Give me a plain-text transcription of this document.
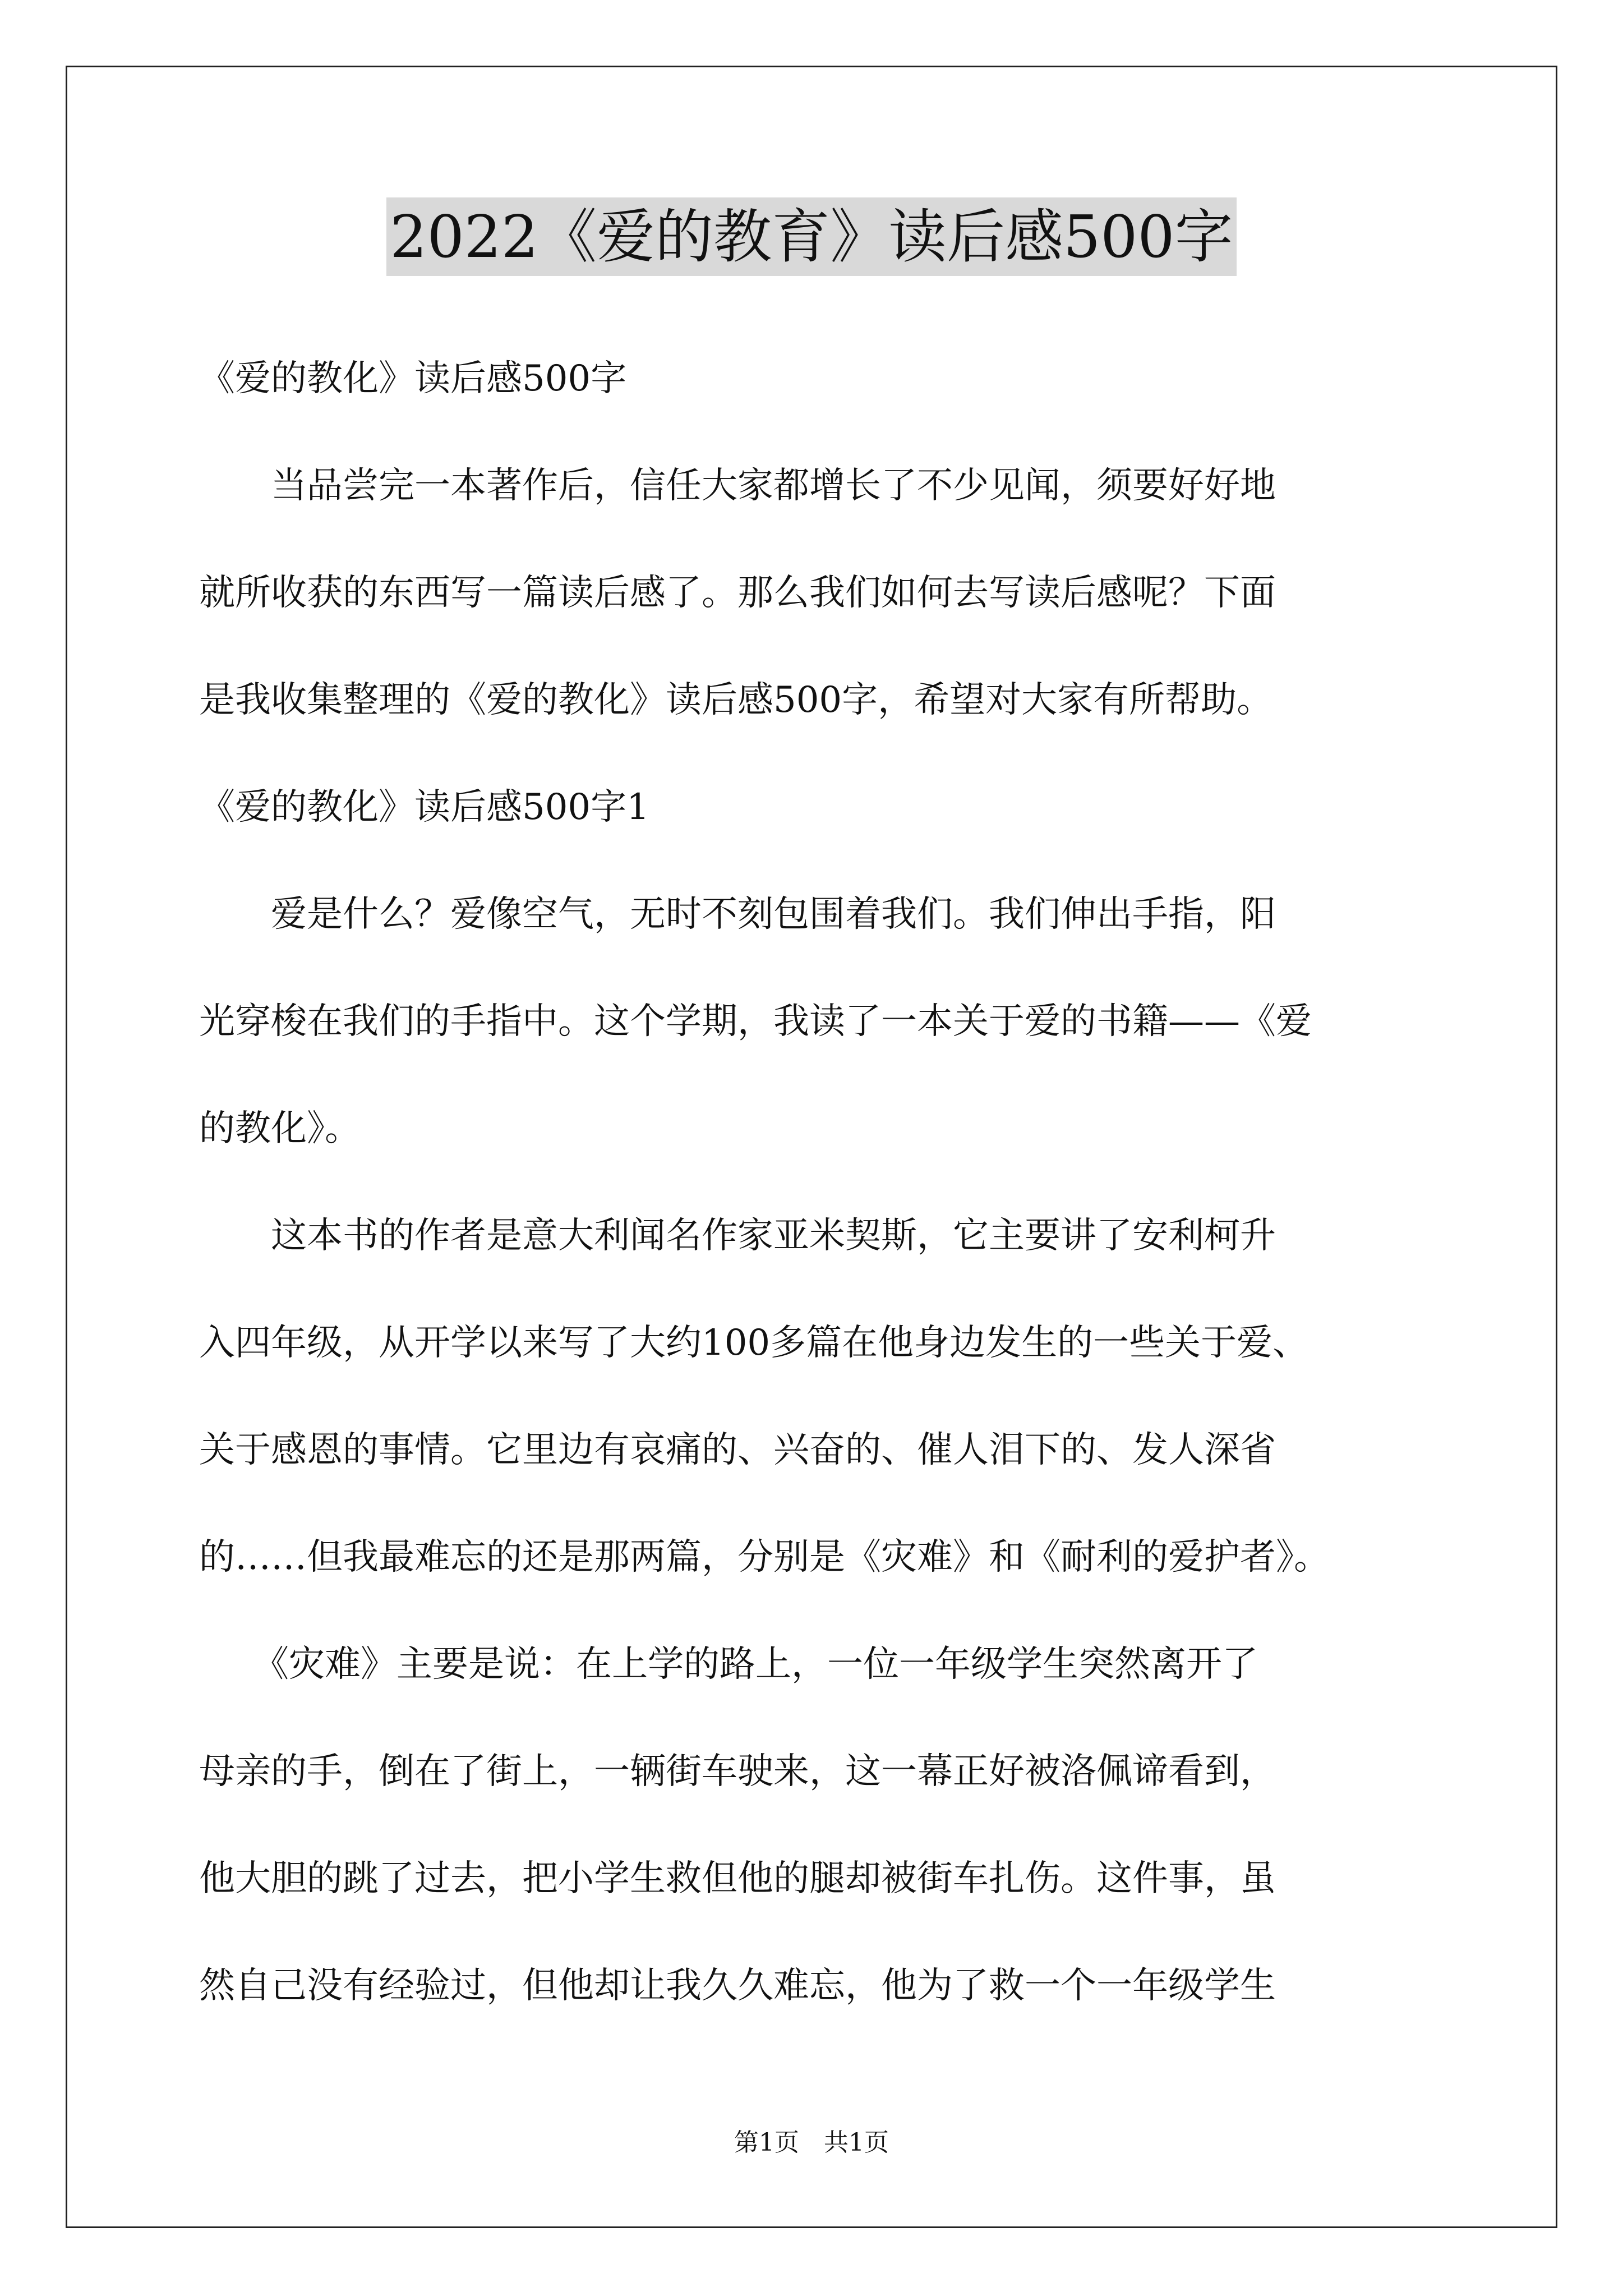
2022《爱的教育》读后感500字

《爱的教化》读后感500字

　　当品尝完一本著作后，信任大家都增长了不少见闻，须要好好地

就所收获的东西写一篇读后感了。那么我们如何去写读后感呢？下面

是我收集整理的《爱的教化》读后感500字，希望对大家有所帮助。

《爱的教化》读后感500字1

　　爱是什么？爱像空气，无时不刻包围着我们。我们伸出手指，阳

光穿梭在我们的手指中。这个学期，我读了一本关于爱的书籍——《爱

的教化》。

　　这本书的作者是意大利闻名作家亚米契斯，它主要讲了安利柯升

入四年级，从开学以来写了大约100多篇在他身边发生的一些关于爱、

关于感恩的事情。它里边有哀痛的、兴奋的、催人泪下的、发人深省

的……但我最难忘的还是那两篇，分别是《灾难》和《耐利的爱护者》。

　　《灾难》主要是说：在上学的路上，一位一年级学生突然离开了

母亲的手，倒在了街上，一辆街车驶来，这一幕正好被洛佩谛看到，

他大胆的跳了过去，把小学生救但他的腿却被街车扎伤。这件事，虽

然自己没有经验过，但他却让我久久难忘，他为了救一个一年级学生

第1页　共1页
